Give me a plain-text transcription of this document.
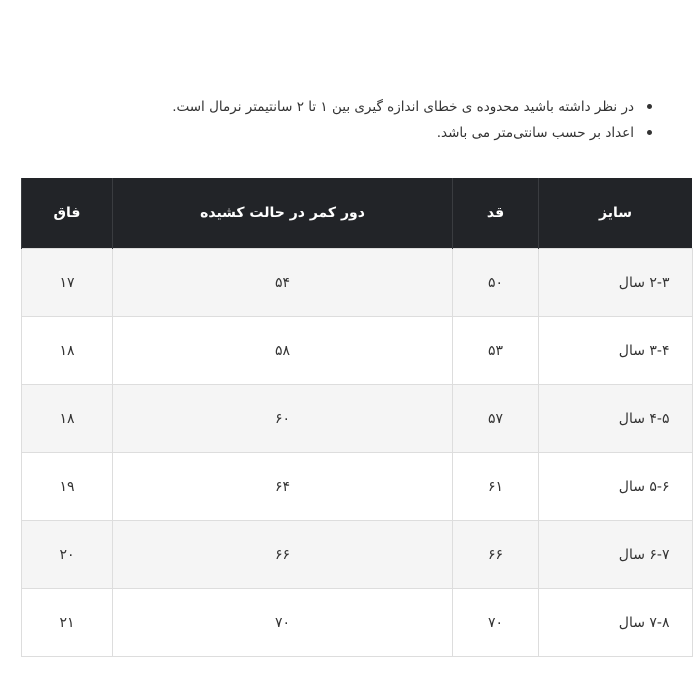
در نظر داشته باشید محدوده ی خطای اندازه گیری بین ۱ تا ۲ سانتیمتر نرمال است.
اعداد بر حسب سانتی‌متر می باشد.
سایز	قد	دور کمر در حالت کشیده	فاق
۲-۳ سال	۵۰	۵۴	۱۷
۳-۴ سال	۵۳	۵۸	۱۸
۴-۵ سال	۵۷	۶۰	۱۸
۵-۶ سال	۶۱	۶۴	۱۹
۶-۷ سال	۶۶	۶۶	۲۰
۷-۸ سال	۷۰	۷۰	۲۱
